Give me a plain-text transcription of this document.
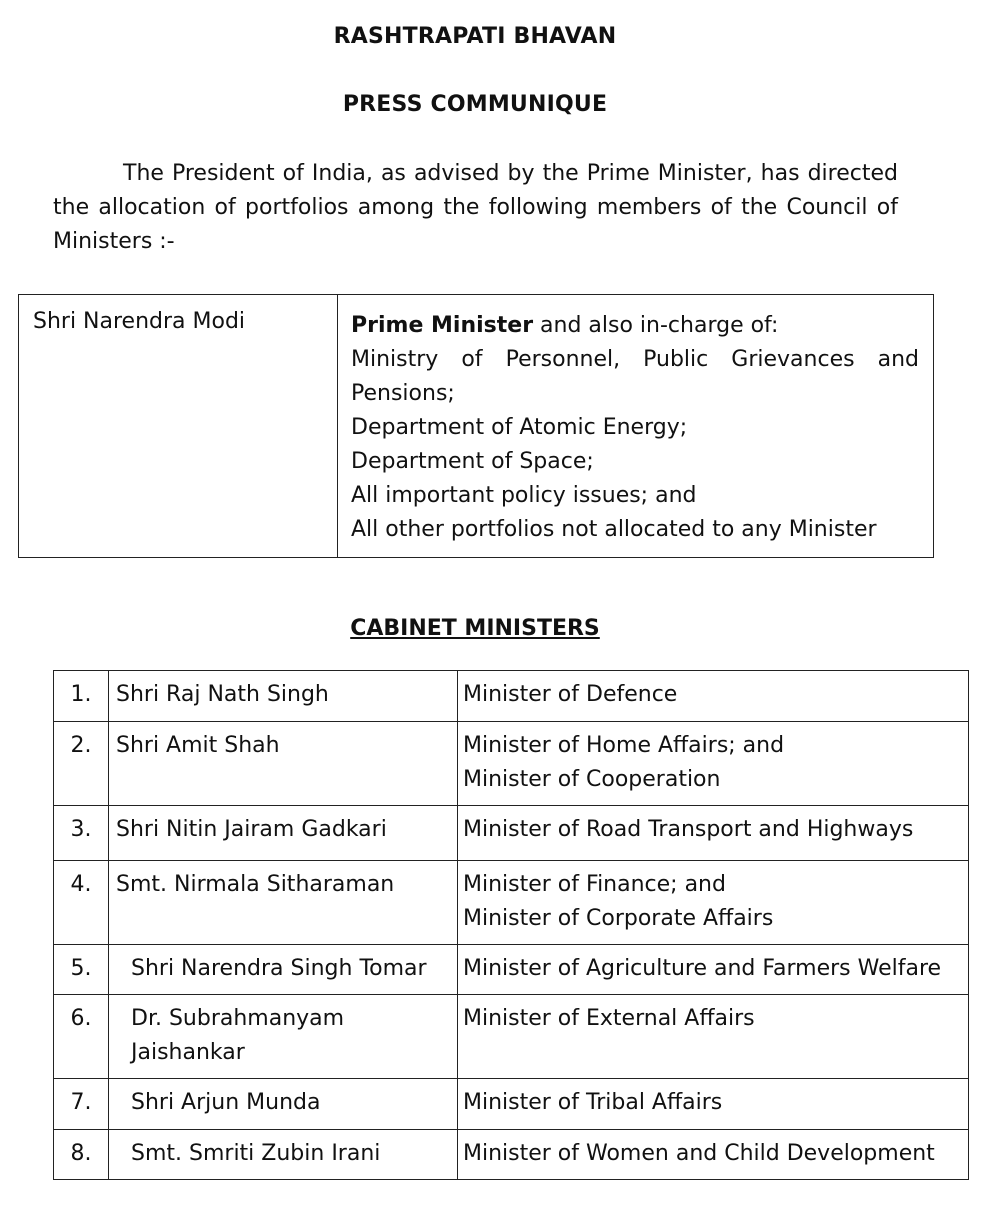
RASHTRAPATI BHAVAN
PRESS COMMUNIQUE
The President of India, as advised by the Prime Minister, has directed the allocation of portfolios among the following members of the Council of Ministers :-
Shri Narendra Modi	Prime Minister and also in-charge of:
Ministry of Personnel, Public Grievances and Pensions;
Department of Atomic Energy;
Department of Space;
All important policy issues; and
All other portfolios not allocated to any Minister
CABINET MINISTERS
1.	Shri Raj Nath Singh	Minister of Defence

2.	Shri Amit Shah	Minister of Home Affairs; and
Minister of Cooperation

3.	Shri Nitin Jairam Gadkari	Minister of Road Transport and Highways

4.	Smt. Nirmala Sitharaman	Minister of Finance; and
Minister of Corporate Affairs

5.	Shri Narendra Singh Tomar	Minister of Agriculture and Farmers Welfare

6.	Dr. Subrahmanyam Jaishankar	Minister of External Affairs

7.	Shri Arjun Munda	Minister of Tribal Affairs

8.	Smt. Smriti Zubin Irani	Minister of Women and Child Development
